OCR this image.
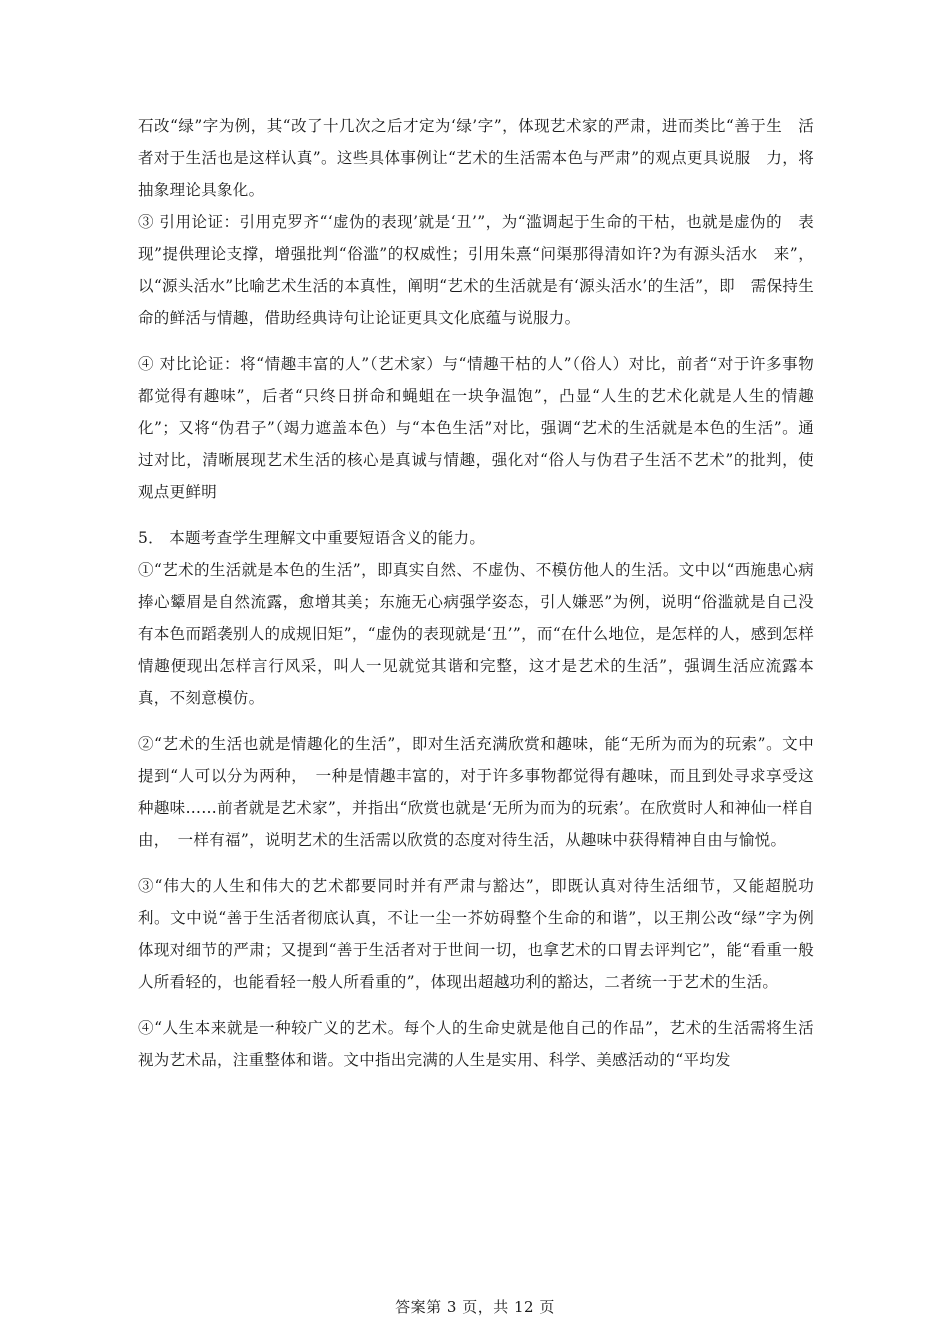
石改“绿”字为例，其“改了十几次之后才定为‘绿’字”，体现艺术家的严肃，进而类比“善于生　活者对于生活也是这样认真”。这些具体事例让“艺术的生活需本色与严肃”的观点更具说服　力，将抽象理论具象化。

③ 引用论证：引用克罗齐“‘虚伪的表现’就是‘丑’”，为“滥调起于生命的干枯，也就是虚伪的　表现”提供理论支撑，增强批判“俗滥”的权威性；引用朱熹“问渠那得清如许?为有源头活水　来”，以“源头活水”比喻艺术生活的本真性，阐明“艺术的生活就是有‘源头活水’的生活”，即　需保持生命的鲜活与情趣，借助经典诗句让论证更具文化底蕴与说服力。

④ 对比论证：将“情趣丰富的人”（艺术家）与“情趣干枯的人”（俗人）对比，前者“对于许多事物都觉得有趣味”，后者“只终日拼命和蝇蛆在一块争温饱”，凸显“人生的艺术化就是人生的情趣化”；又将“伪君子”（竭力遮盖本色）与“本色生活”对比，强调“艺术的生活就是本色的生活”。通过对比，清晰展现艺术生活的核心是真诚与情趣，强化对“俗人与伪君子生活不艺术”的批判，使观点更鲜明

5． 本题考查学生理解文中重要短语含义的能力。

①“艺术的生活就是本色的生活”，即真实自然、不虚伪、不模仿他人的生活。文中以“西施患心病捧心颦眉是自然流露，愈增其美；东施无心病强学姿态，引人嫌恶”为例，说明“俗滥就是自己没有本色而蹈袭别人的成规旧矩”，“虚伪的表现就是‘丑’”，而“在什么地位，是怎样的人，感到怎样情趣便现出怎样言行风采，叫人一见就觉其谐和完整，这才是艺术的生活”，强调生活应流露本真，不刻意模仿。

②“艺术的生活也就是情趣化的生活”，即对生活充满欣赏和趣味，能“无所为而为的玩索”。文中提到“人可以分为两种，　一种是情趣丰富的，对于许多事物都觉得有趣味，而且到处寻求享受这种趣味……前者就是艺术家”，并指出“欣赏也就是‘无所为而为的玩索’。在欣赏时人和神仙一样自由，　一样有福”，说明艺术的生活需以欣赏的态度对待生活，从趣味中获得精神自由与愉悦。

③“伟大的人生和伟大的艺术都要同时并有严肃与豁达”，即既认真对待生活细节，又能超脱功利。文中说“善于生活者彻底认真，不让一尘一芥妨碍整个生命的和谐”，以王荆公改“绿”字为例体现对细节的严肃；又提到“善于生活者对于世间一切，也拿艺术的口胃去评判它”，能“看重一般人所看轻的，也能看轻一般人所看重的”，体现出超越功利的豁达，二者统一于艺术的生活。

④“人生本来就是一种较广义的艺术。每个人的生命史就是他自己的作品”，艺术的生活需将生活视为艺术品，注重整体和谐。文中指出完满的人生是实用、科学、美感活动的“平均发

答案第 3 页，共 12 页
